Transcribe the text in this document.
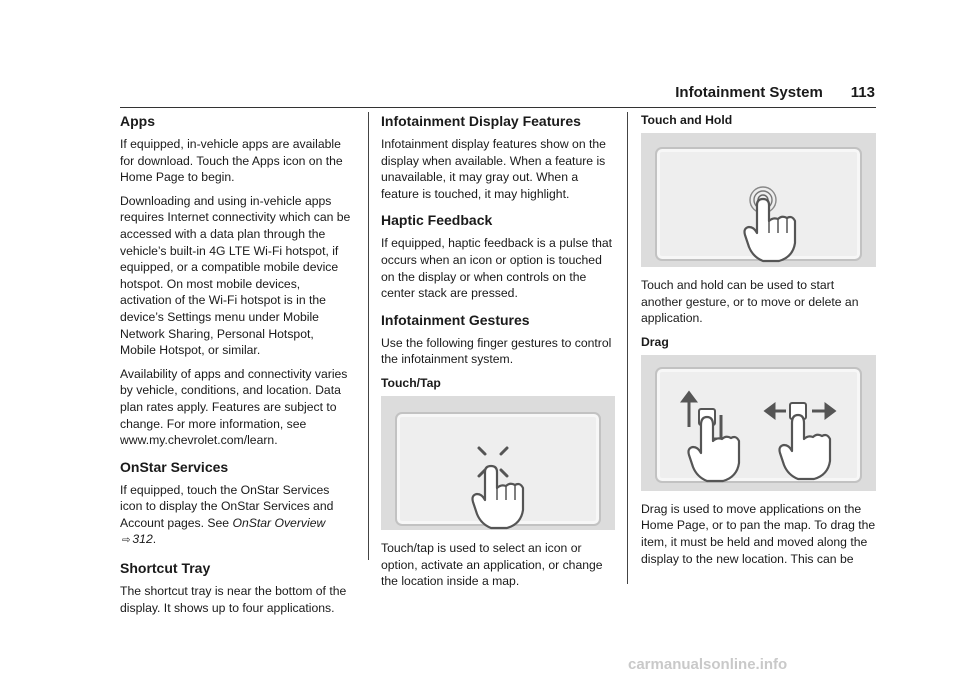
Infotainment System 113
Apps

If equipped, in-vehicle apps are available for download. Touch the Apps icon on the Home Page to begin.

Downloading and using in-vehicle apps requires Internet connectivity which can be accessed with a data plan through the vehicle’s built-in 4G LTE Wi-Fi hotspot, if equipped, or a compatible mobile device hotspot. On most mobile devices, activation of the Wi-Fi hotspot is in the device’s Settings menu under Mobile Network Sharing, Personal Hotspot, Mobile Hotspot, or similar.

Availability of apps and connectivity varies by vehicle, conditions, and location. Data plan rates apply. Features are subject to change. For more information, see www.my.chevrolet.com/learn.

OnStar Services

If equipped, touch the OnStar Services icon to display the OnStar Services and Account pages. See OnStar Overview ⇨ 312.

Shortcut Tray

The shortcut tray is near the bottom of the display. It shows up to four applications.

Infotainment Display Features

Infotainment display features show on the display when available. When a feature is unavailable, it may gray out. When a feature is touched, it may highlight.

Haptic Feedback

If equipped, haptic feedback is a pulse that occurs when an icon or option is touched on the display or when controls on the center stack are pressed.

Infotainment Gestures

Use the following finger gestures to control the infotainment system.

Touch/Tap

Touch/tap is used to select an icon or option, activate an application, or change the location inside a map.

Touch and Hold

Touch and hold can be used to start another gesture, or to move or delete an application.

Drag

Drag is used to move applications on the Home Page, or to pan the map. To drag the item, it must be held and moved along the display to the new location. This can be

carmanualsonline.info
